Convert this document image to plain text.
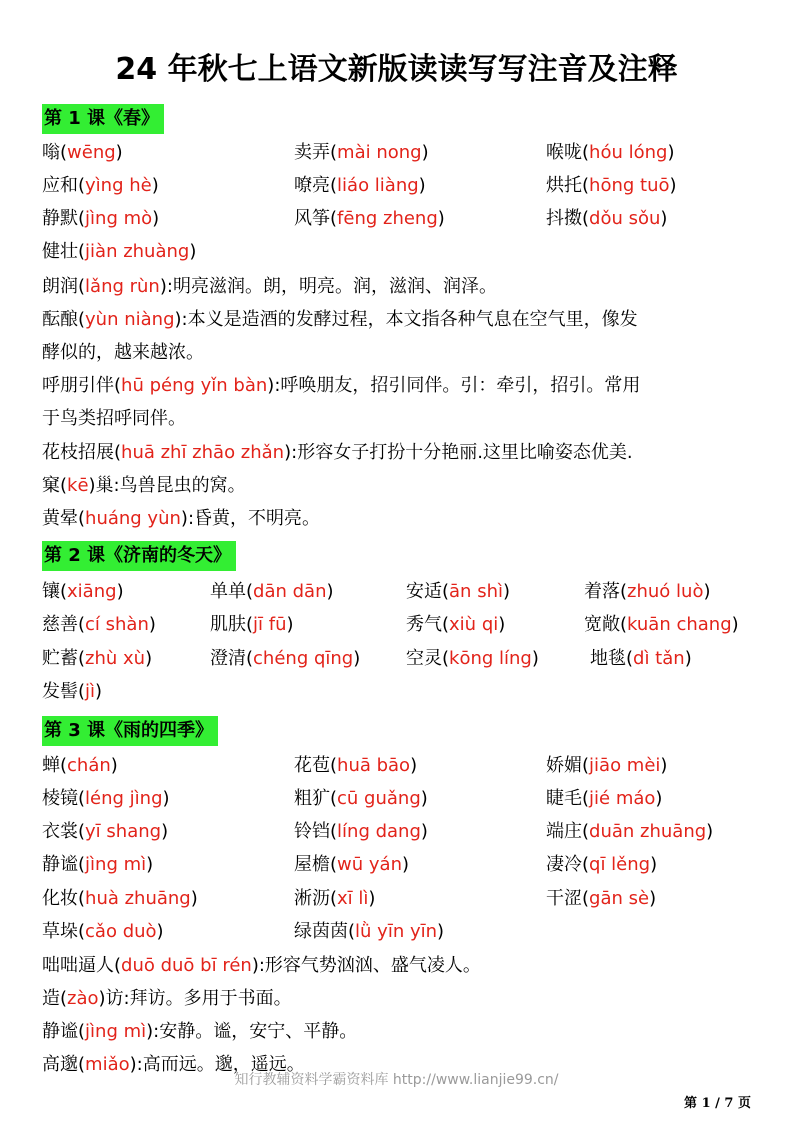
24 年秋七上语文新版读读写写注音及注释
第 1 课《春》
嗡(wēng)	卖弄(mài nong)	喉咙(hóu lóng)
应和(yìng hè)	嘹亮(liáo liàng)	烘托(hōng tuō)
静默(jìng mò)	风筝(fēng zheng)	抖擞(dǒu sǒu)
健壮(jiàn zhuàng)
朗润(lǎng rùn):明亮滋润。朗，明亮。润，滋润、润泽。
酝酿(yùn niàng):本义是造酒的发酵过程，本文指各种气息在空气里，像发
酵似的，越来越浓。
呼朋引伴(hū péng yǐn bàn):呼唤朋友，招引同伴。引：牵引，招引。常用
于鸟类招呼同伴。
花枝招展(huā zhī zhāo zhǎn):形容女子打扮十分艳丽.这里比喻姿态优美.
窠(kē)巢:鸟兽昆虫的窝。
黄晕(huáng yùn):昏黄，不明亮。
第 2 课《济南的冬天》
镶(xiāng)	单单(dān dān)	安适(ān shì)	着落(zhuó luò)
慈善(cí shàn)	肌肤(jī fū)	秀气(xiù qi)	宽敞(kuān chang)
贮蓄(zhù xù)	澄清(chéng qīng)	空灵(kōng líng)	地毯(dì tǎn)
发髻(jì)
第 3 课《雨的四季》
蝉(chán)	花苞(huā bāo)	娇媚(jiāo mèi)
棱镜(léng jìng)	粗犷(cū guǎng)	睫毛(jié máo)
衣裳(yī shang)	铃铛(líng dang)	端庄(duān zhuāng)
静谧(jìng mì)	屋檐(wū yán)	凄冷(qī lěng)
化妆(huà zhuāng)	淅沥(xī lì)	干涩(gān sè)
草垛(cǎo duò)	绿茵茵(lǜ yīn yīn)
咄咄逼人(duō duō bī rén):形容气势汹汹、盛气凌人。
造(zào)访:拜访。多用于书面。
静谧(jìng mì):安静。谧，安宁、平静。
高邈(miǎo):高而远。邈，遥远。
知行教辅资料学霸资料库 http://www.lianjie99.cn/
第 1 / 7 页
